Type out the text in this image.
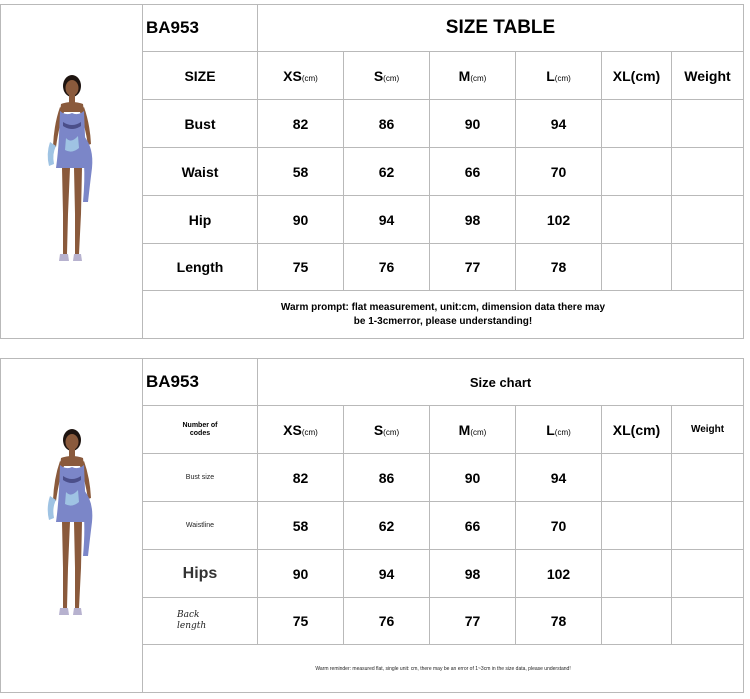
	BA953	SIZE TABLE					
	SIZE	XS(cm)	S(cm)	M(cm)	L(cm)	XL(cm)	Weight
	Bust	82	86	90	94		
	Waist	58	62	66	70		
	Hip	90	94	98	102		
	Length	75	76	77	78		

	Warm prompt: flat measurement, unit:cm, dimension data there may
be 1-3cmerror, please understanding!						
	BA953	Size chart					

	Number of
codes	XS(cm)	S(cm)	M(cm)	L(cm)	XL(cm)	Weight
	Bust size	82	86	90	94		
	Waistline	58	62	66	70		
	Hips	90	94	98	102		

	Back
length	75	76	77	78		
	Warm reminder: measured flat, single unit: cm, there may be an error of 1~3cm in the size data, please understand!						
